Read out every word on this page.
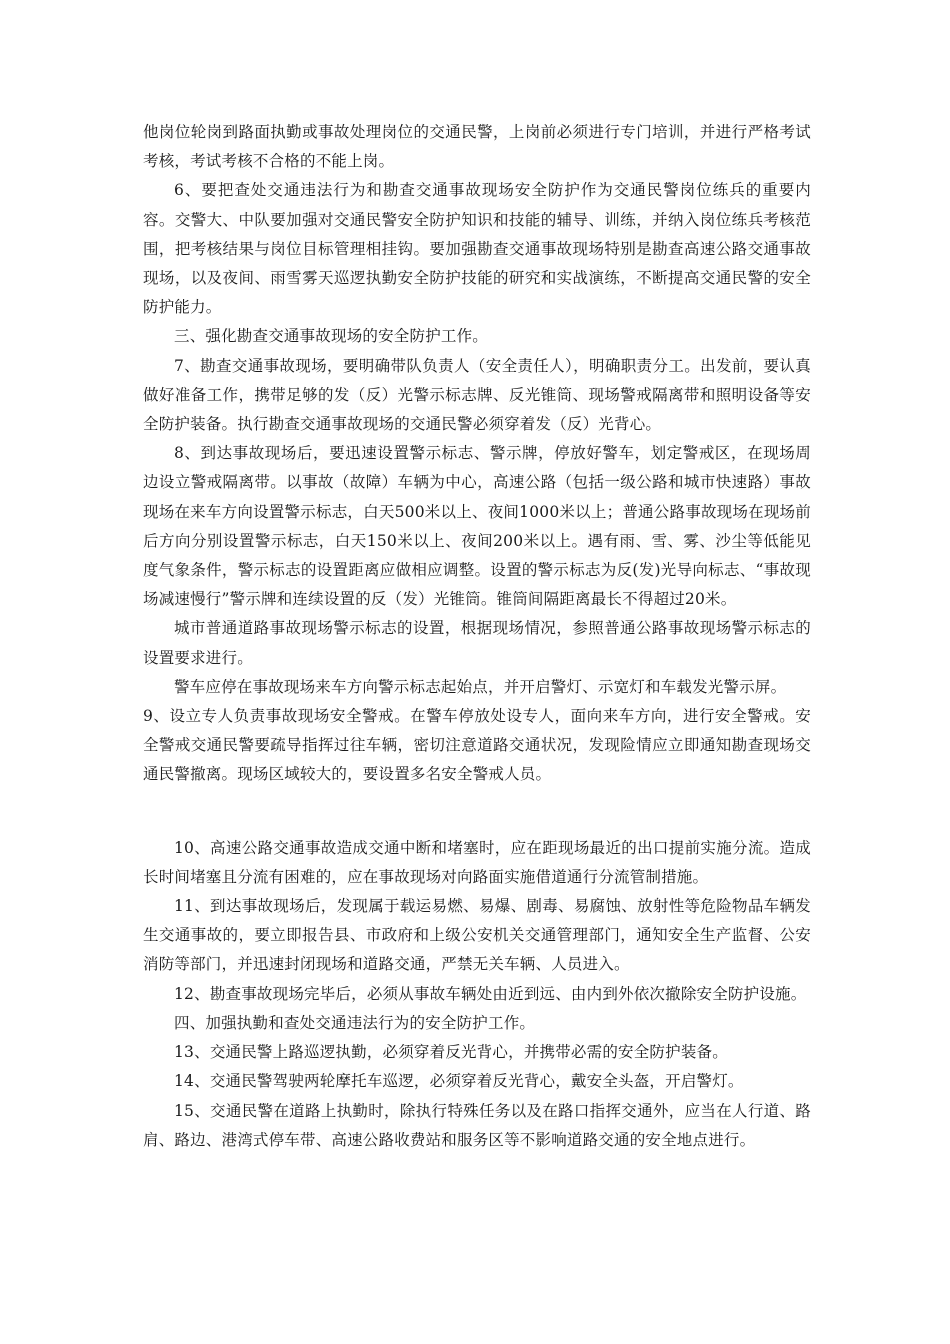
他岗位轮岗到路面执勤或事故处理岗位的交通民警，上岗前必须进行专门培训，并进行严格考试考核，考试考核不合格的不能上岗。

6、要把查处交通违法行为和勘查交通事故现场安全防护作为交通民警岗位练兵的重要内容。交警大、中队要加强对交通民警安全防护知识和技能的辅导、训练，并纳入岗位练兵考核范围，把考核结果与岗位目标管理相挂钩。要加强勘查交通事故现场特别是勘查高速公路交通事故现场，以及夜间、雨雪雾天巡逻执勤安全防护技能的研究和实战演练，不断提高交通民警的安全防护能力。

三、强化勘查交通事故现场的安全防护工作。

7、勘查交通事故现场，要明确带队负责人（安全责任人），明确职责分工。出发前，要认真做好准备工作，携带足够的发（反）光警示标志牌、反光锥筒、现场警戒隔离带和照明设备等安全防护装备。执行勘查交通事故现场的交通民警必须穿着发（反）光背心。

8、到达事故现场后，要迅速设置警示标志、警示牌，停放好警车，划定警戒区，在现场周边设立警戒隔离带。以事故（故障）车辆为中心，高速公路（包括一级公路和城市快速路）事故现场在来车方向设置警示标志，白天500米以上、夜间1000米以上；普通公路事故现场在现场前后方向分别设置警示标志，白天150米以上、夜间200米以上。遇有雨、雪、雾、沙尘等低能见度气象条件，警示标志的设置距离应做相应调整。设置的警示标志为反(发)光导向标志、“事故现场减速慢行”警示牌和连续设置的反（发）光锥筒。锥筒间隔距离最长不得超过20米。

城市普通道路事故现场警示标志的设置，根据现场情况，参照普通公路事故现场警示标志的设置要求进行。

警车应停在事故现场来车方向警示标志起始点，并开启警灯、示宽灯和车载发光警示屏。

9、设立专人负责事故现场安全警戒。在警车停放处设专人，面向来车方向，进行安全警戒。安全警戒交通民警要疏导指挥过往车辆，密切注意道路交通状况，发现险情应立即通知勘查现场交通民警撤离。现场区域较大的，要设置多名安全警戒人员。

10、高速公路交通事故造成交通中断和堵塞时，应在距现场最近的出口提前实施分流。造成长时间堵塞且分流有困难的，应在事故现场对向路面实施借道通行分流管制措施。

11、到达事故现场后，发现属于载运易燃、易爆、剧毒、易腐蚀、放射性等危险物品车辆发生交通事故的，要立即报告县、市政府和上级公安机关交通管理部门，通知安全生产监督、公安消防等部门，并迅速封闭现场和道路交通，严禁无关车辆、人员进入。

12、勘查事故现场完毕后，必须从事故车辆处由近到远、由内到外依次撤除安全防护设施。

四、加强执勤和查处交通违法行为的安全防护工作。

13、交通民警上路巡逻执勤，必须穿着反光背心，并携带必需的安全防护装备。

14、交通民警驾驶两轮摩托车巡逻，必须穿着反光背心，戴安全头盔，开启警灯。

15、交通民警在道路上执勤时，除执行特殊任务以及在路口指挥交通外，应当在人行道、路肩、路边、港湾式停车带、高速公路收费站和服务区等不影响道路交通的安全地点进行。
